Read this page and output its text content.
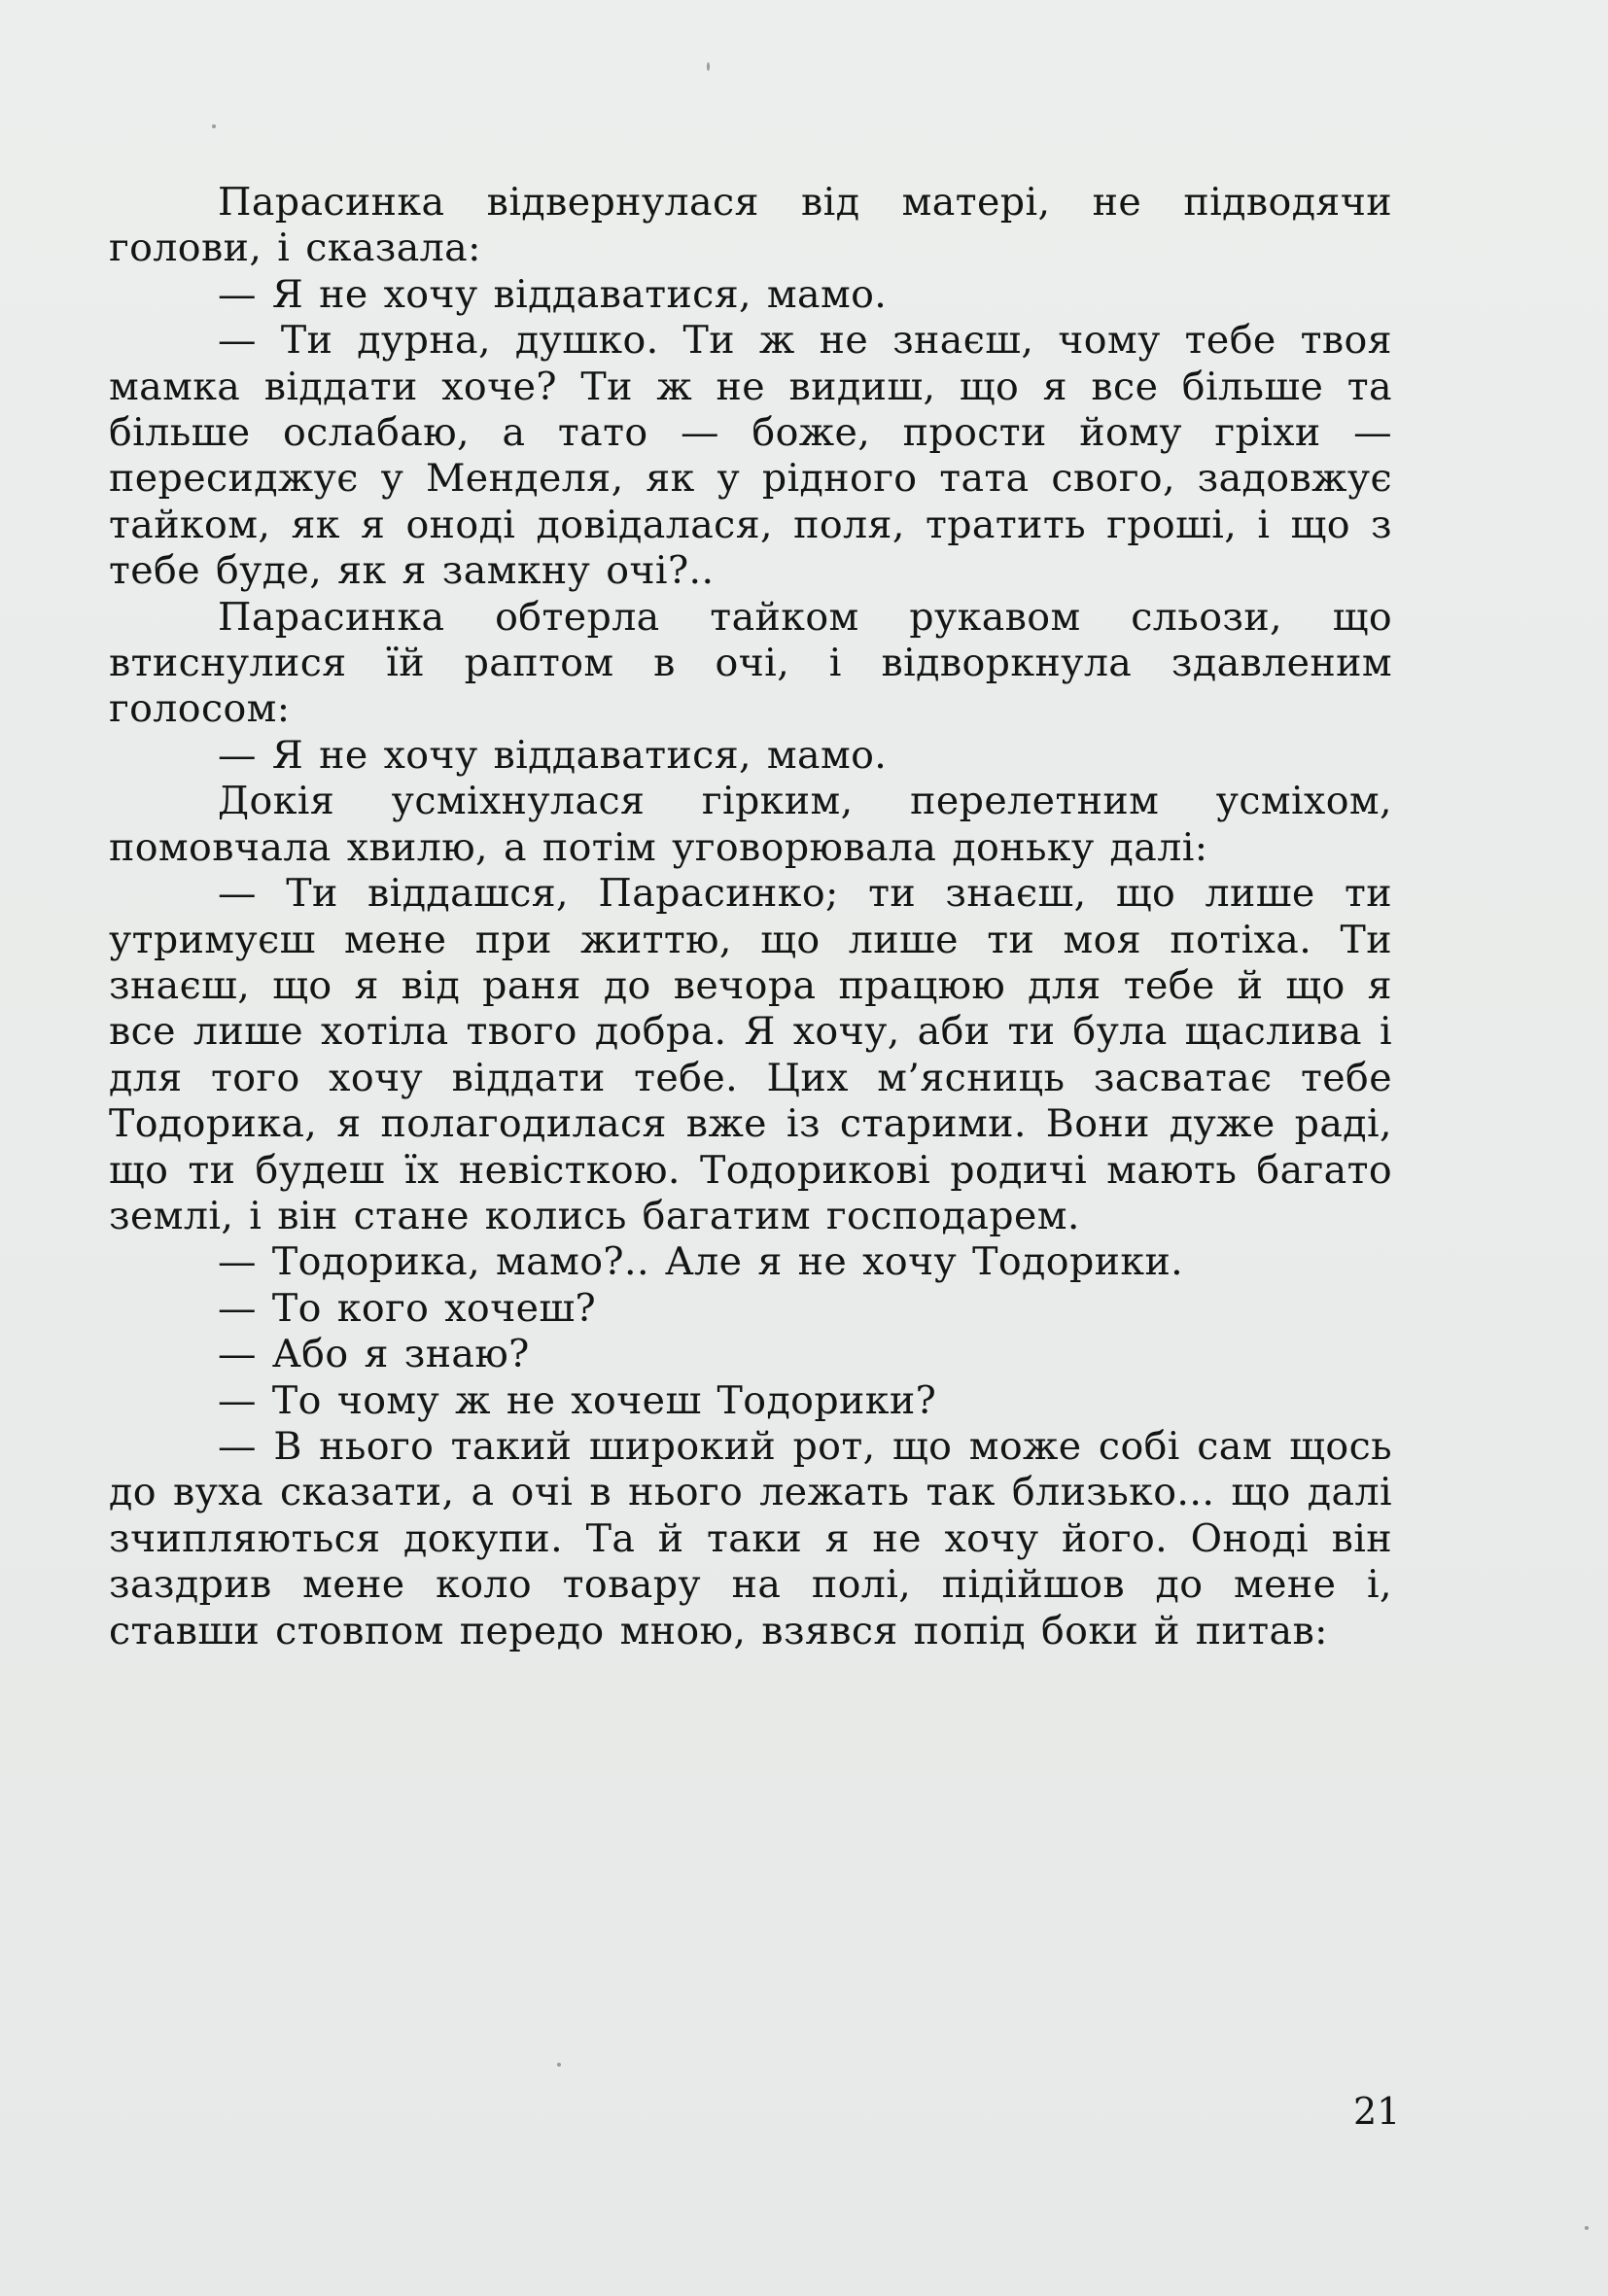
Парасинка відвернулася від матері, не підводячи голови, і сказала:

— Я не хочу віддаватися, мамо.

— Ти дурна, душко. Ти ж не знаєш, чому тебе твоя мамка віддати хоче? Ти ж не видиш, що я все більше та більше ослабаю, а тато — боже, прости йому гріхи — пересиджує у Менделя, як у рідного тата свого, задовжує тайком, як я оноді довідалася, поля, тратить гроші, і що з тебе буде, як я замкну очі?..

Парасинка обтерла тайком рукавом сльози, що втиснулися їй раптом в очі, і відворкнула здавленим голосом:

— Я не хочу віддаватися, мамо.

Докія усміхнулася гірким, перелетним усміхом, помовчала хвилю, а потім уговорювала доньку далі:

— Ти віддашся, Парасинко; ти знаєш, що лише ти утримуєш мене при життю, що лише ти моя потіха. Ти знаєш, що я від раня до вечора працюю для тебе й що я все лише хотіла твого добра. Я хочу, аби ти була щаслива і для того хочу віддати тебе. Цих м’ясниць засватає тебе Тодорика, я полагодилася вже із старими. Вони дуже раді, що ти будеш їх невісткою. Тодорикові родичі мають багато землі, і він стане колись багатим господарем.

— Тодорика, мамо?.. Але я не хочу Тодорики.

— То кого хочеш?

— Або я знаю?

— То чому ж не хочеш Тодорики?

— В нього такий широкий рот, що може собі сам щось до вуха сказати, а очі в нього лежать так близько... що далі зчипляються докупи. Та й таки я не хочу його. Оноді він заздрив мене коло товару на полі, підійшов до мене і, ставши стовпом передо мною, взявся попід боки й питав:

21
